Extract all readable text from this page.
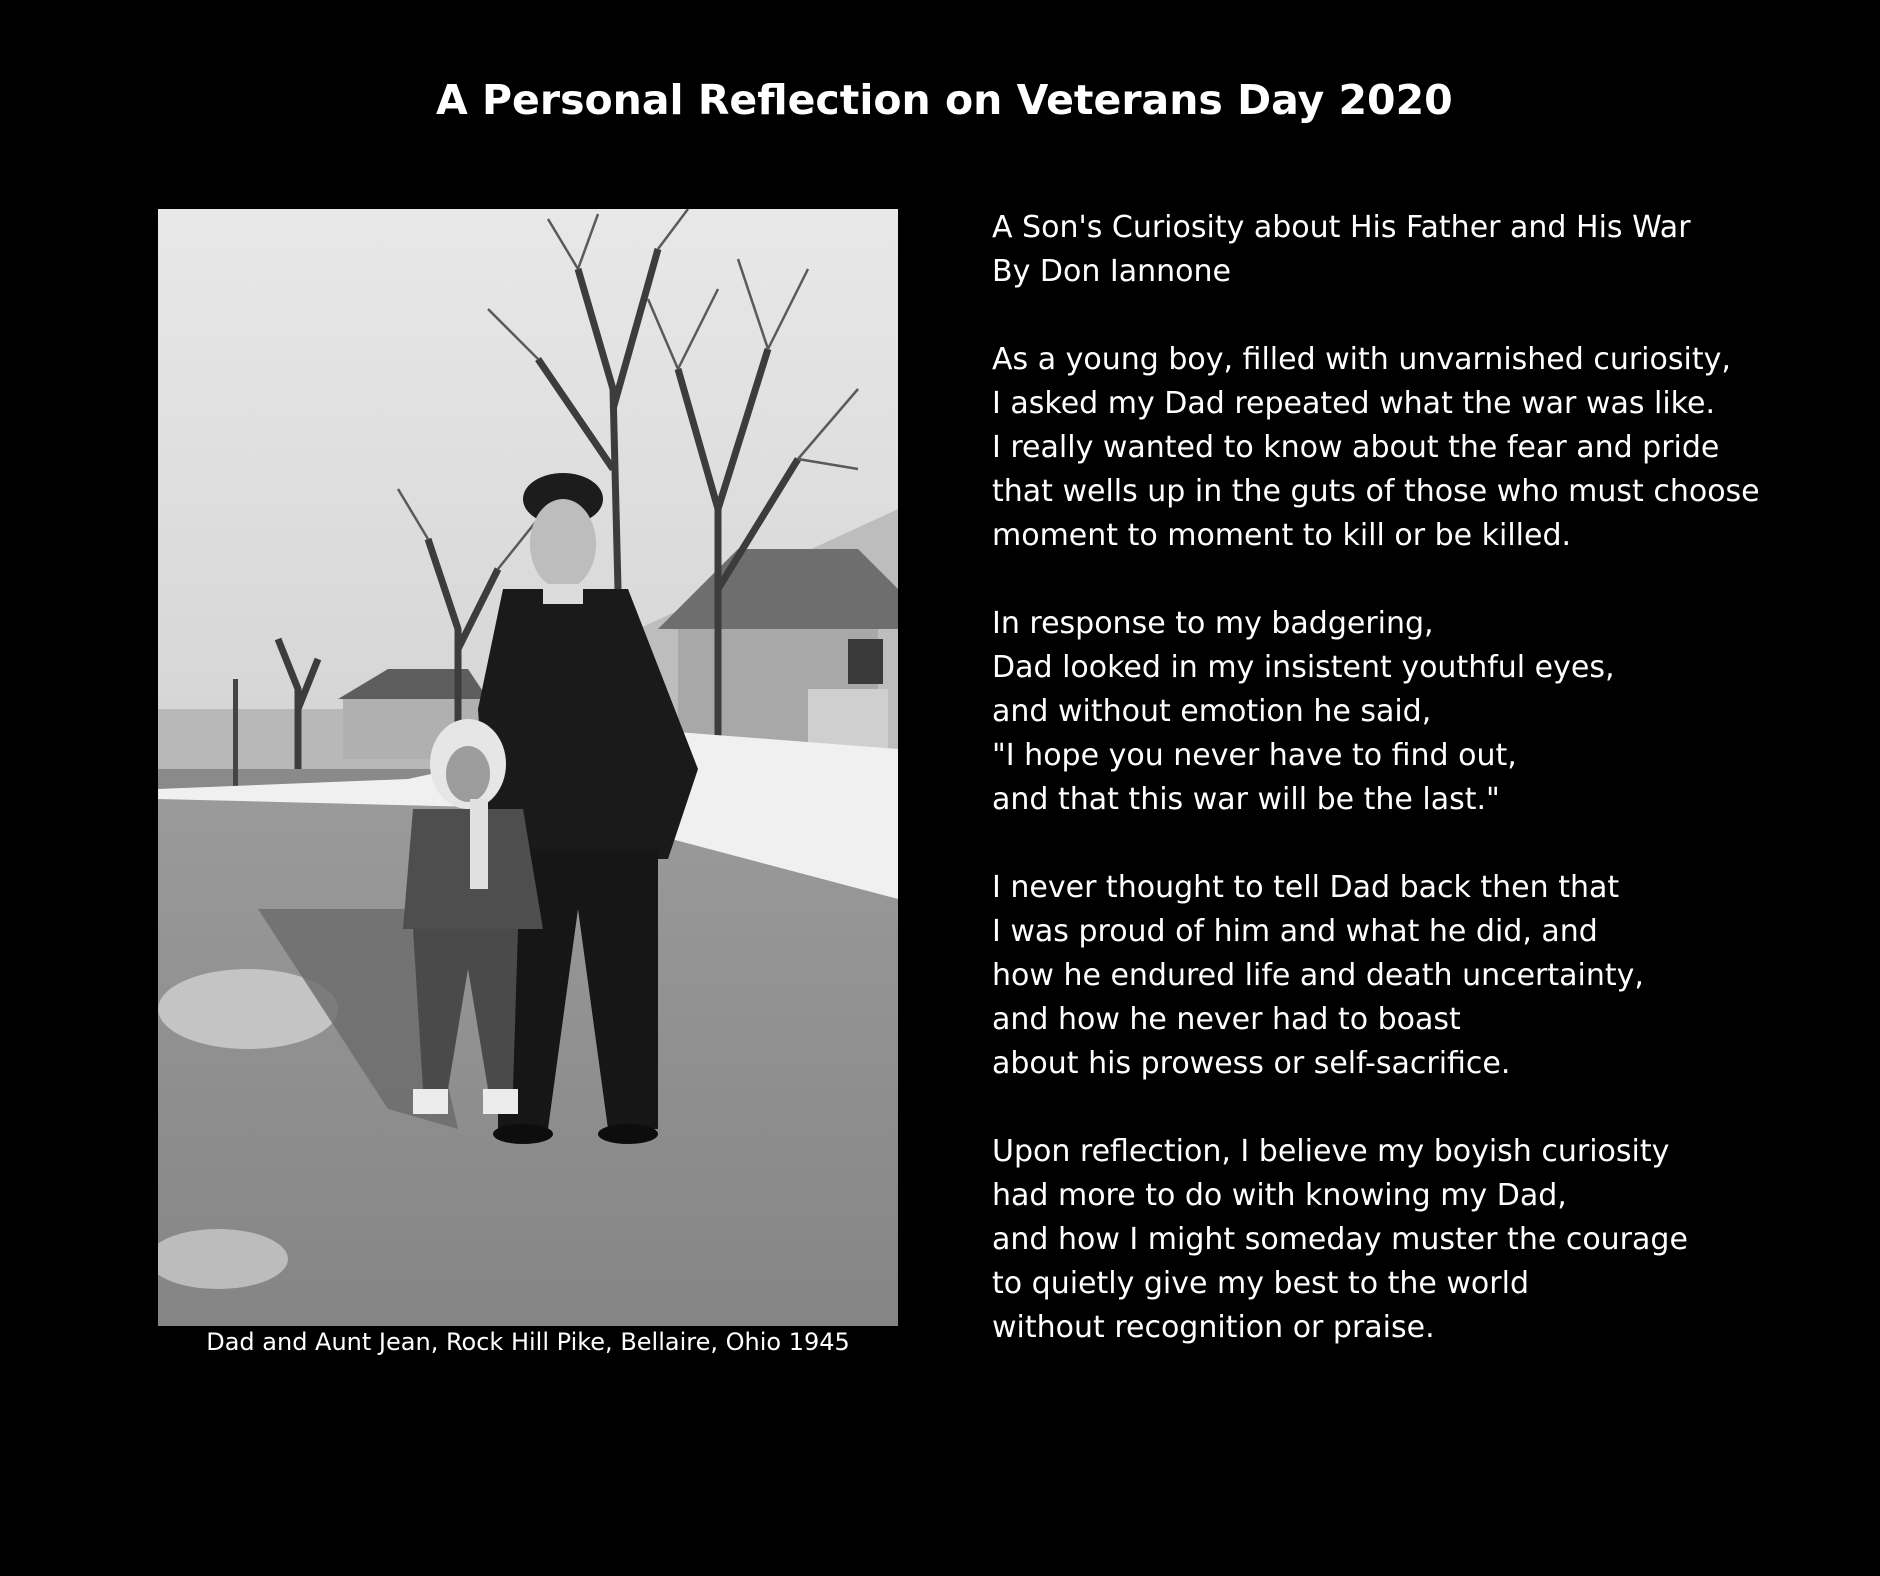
A Personal Reflection on Veterans Day 2020
Dad and Aunt Jean, Rock Hill Pike, Bellaire, Ohio 1945
A Son's Curiosity about His Father and His War
By Don Iannone
As a young boy, filled with unvarnished curiosity,
I asked my Dad repeated what the war was like.
I really wanted to know about the fear and pride
that wells up in the guts of those who must choose
moment to moment to kill or be killed.
In response to my badgering,
Dad looked in my insistent youthful eyes,
and without emotion he said,
"I hope you never have to find out,
and that this war will be the last."
I never thought to tell Dad back then that
I was proud of him and what he did, and
how he endured life and death uncertainty,
and how he never had to boast
about his prowess or self-sacrifice.
Upon reflection, I believe my boyish curiosity
had more to do with knowing my Dad,
and how I might someday muster the courage
to quietly give my best to the world
without recognition or praise.
